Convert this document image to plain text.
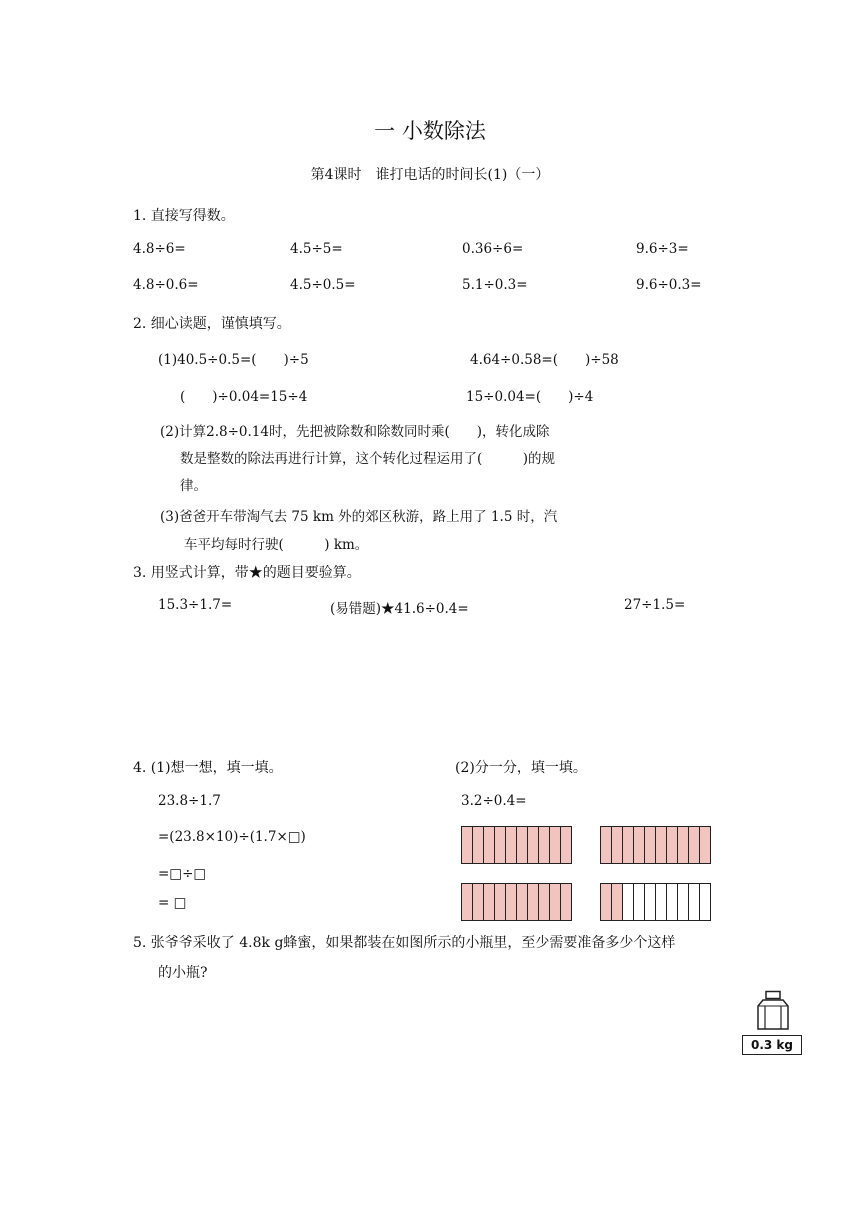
一 小数除法
第4课时　谁打电话的时间长(1)（一）
1. 直接写得数。
4.8÷6=	4.5÷5=	0.36÷6=	9.6÷3=
4.8÷0.6=	4.5÷0.5=	5.1÷0.3=	9.6÷0.3=
2. 细心读题，谨慎填写。
(1)40.5÷0.5=(　　)÷5	4.64÷0.58=(　　)÷58
(　　)÷0.04=15÷4	15÷0.04=(　　)÷4
(2)计算2.8÷0.14时，先把被除数和除数同时乘(　　)，转化成除
数是整数的除法再进行计算，这个转化过程运用了(　　　)的规
律。
(3)爸爸开车带淘气去 75 km 外的郊区秋游，路上用了 1.5 时，汽
车平均每时行驶(　　　) km。
3. 用竖式计算，带★的题目要验算。
15.3÷1.7=	(易错题)★41.6÷0.4=	27÷1.5=
4. (1)想一想，填一填。	(2)分一分，填一填。
23.8÷1.7
=(23.8×10)÷(1.7×□)
=□÷□
= □
3.2÷0.4=
5. 张爷爷采收了 4.8k g蜂蜜，如果都装在如图所示的小瓶里，至少需要准备多少个这样
的小瓶?
0.3 kg
